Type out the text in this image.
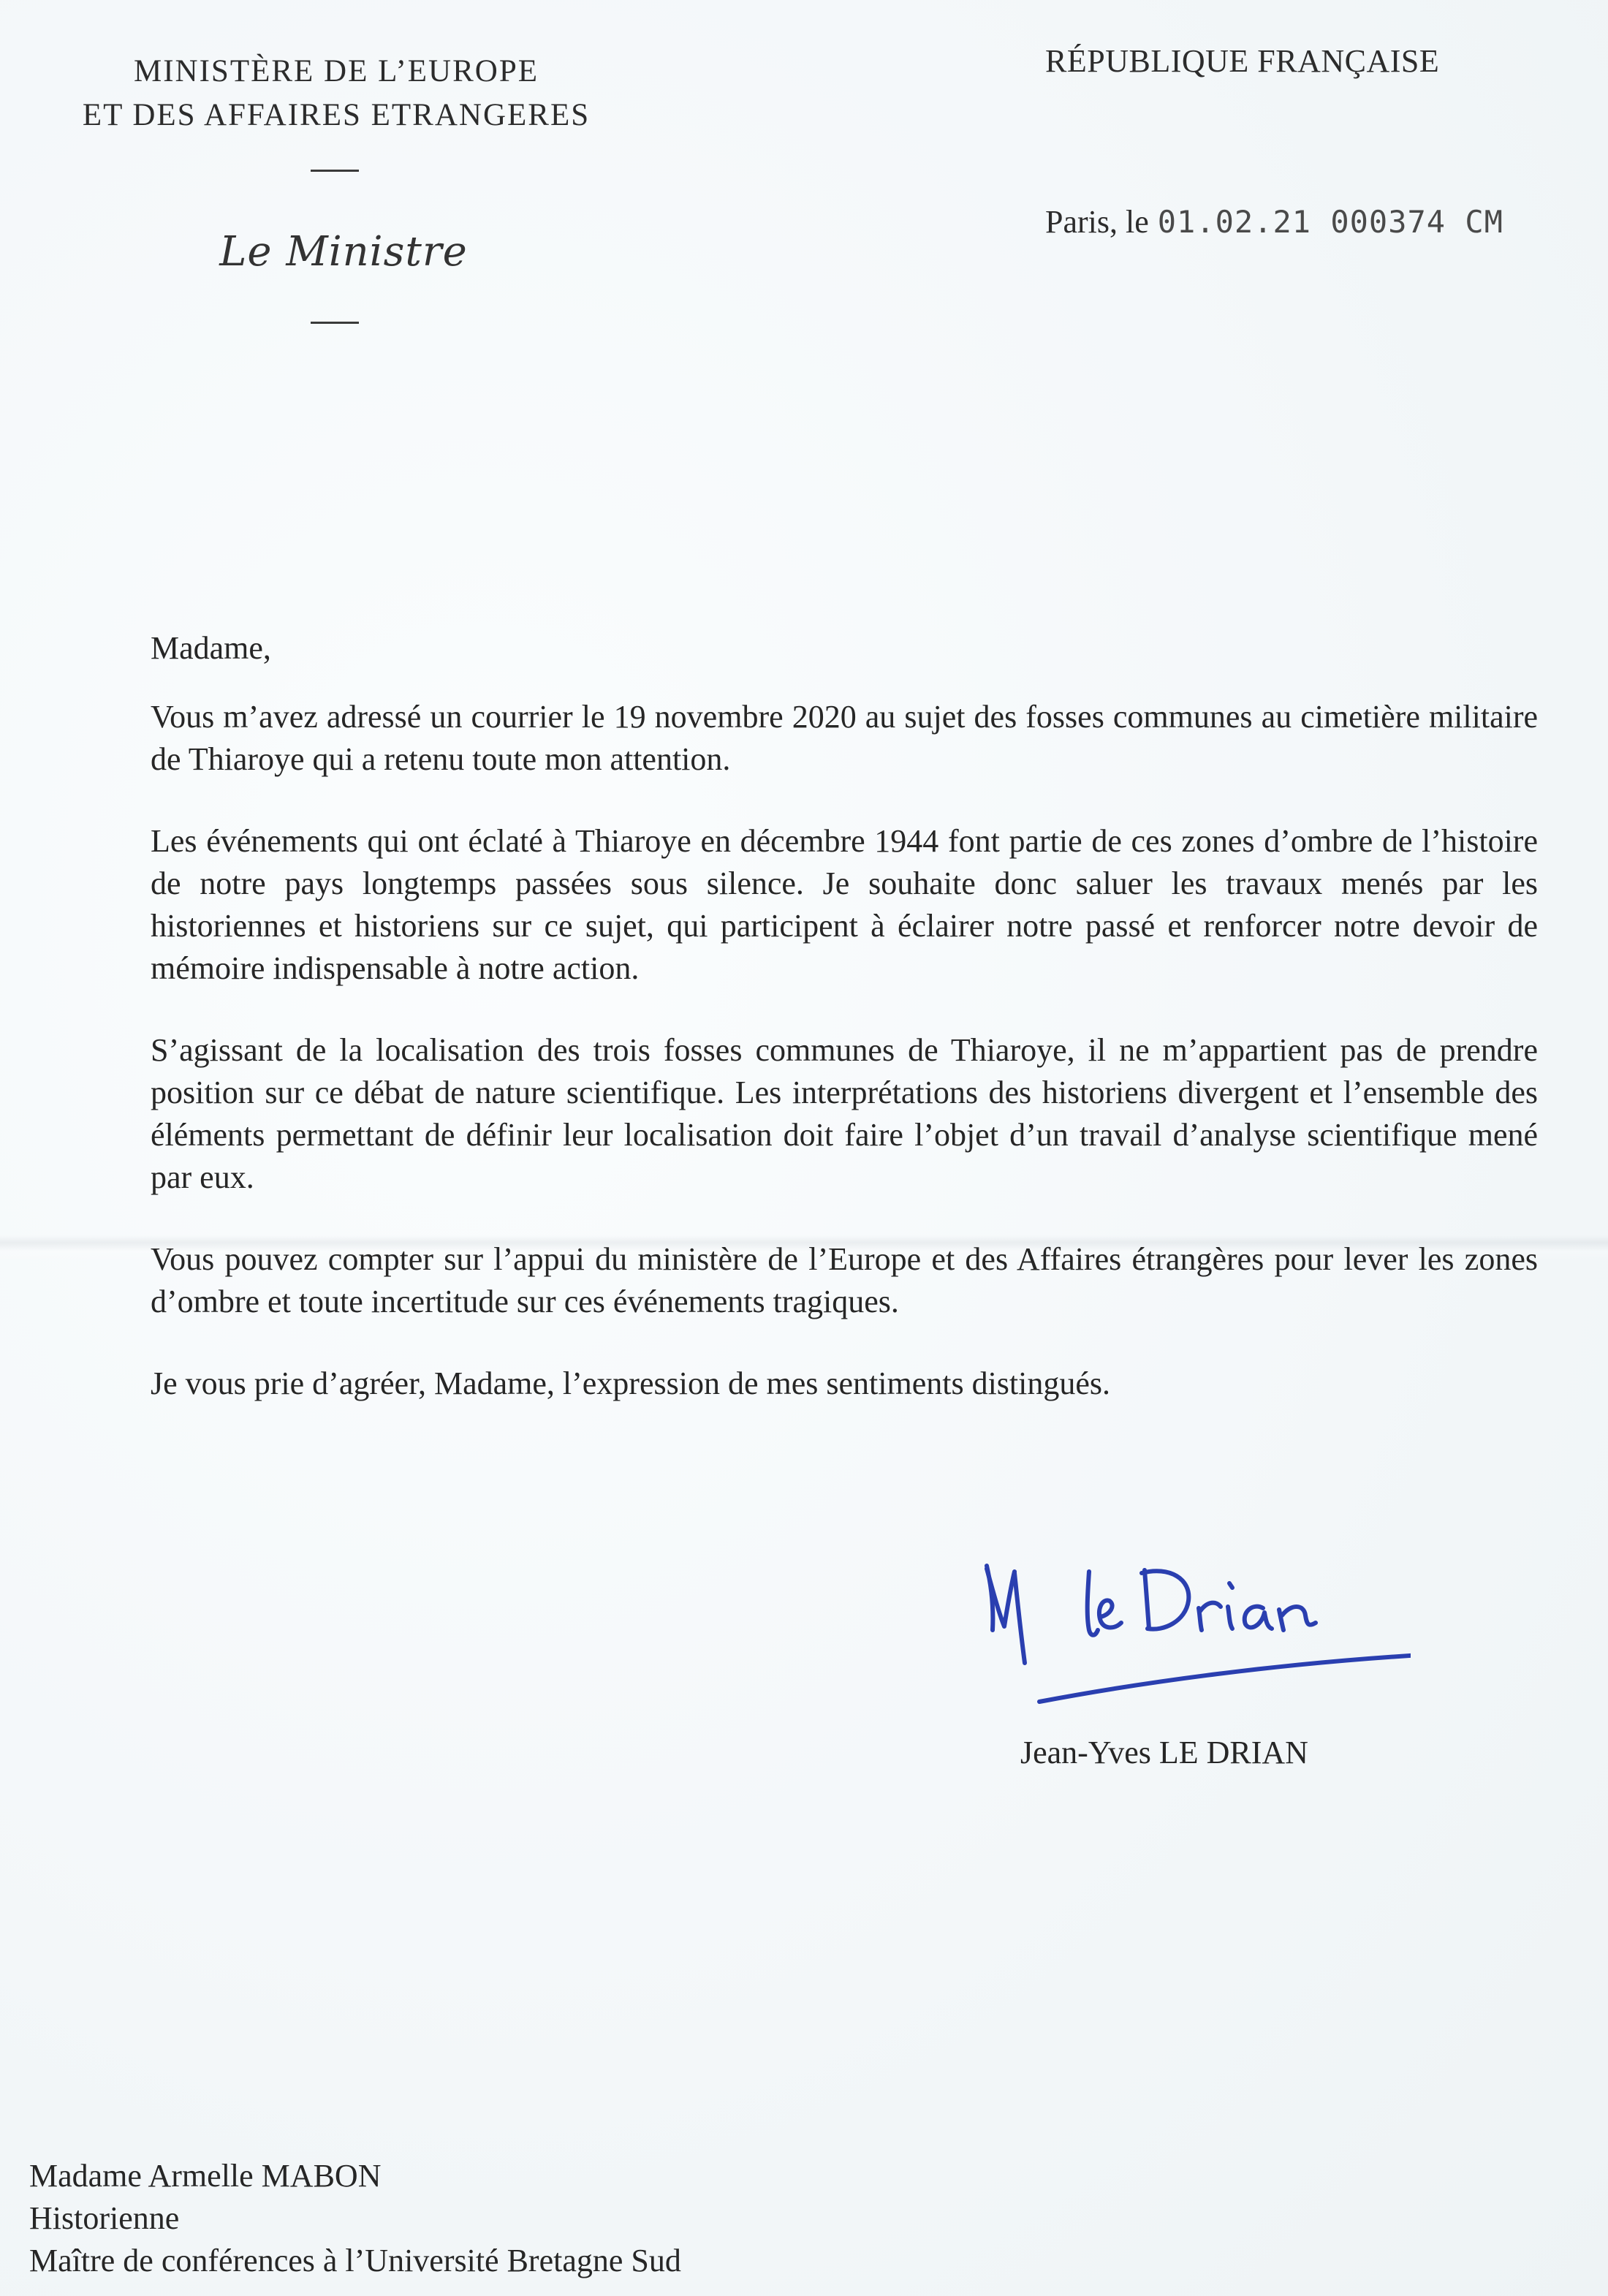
MINISTÈRE DE L’EUROPE
ET DES AFFAIRES ETRANGERES
Le Ministre
RÉPUBLIQUE FRANÇAISE
Paris, le 01.02.21 000374 CM

Madame,

Vous m’avez adressé un courrier le 19 novembre 2020 au sujet des fosses communes au cimetière militaire de Thiaroye qui a retenu toute mon attention.

Les événements qui ont éclaté à Thiaroye en décembre 1944 font partie de ces zones d’ombre de l’histoire de notre pays longtemps passées sous silence. Je souhaite donc saluer les travaux menés par les historiennes et historiens sur ce sujet, qui participent à éclairer notre passé et renforcer notre devoir de mémoire indispensable à notre action.

S’agissant de la localisation des trois fosses communes de Thiaroye, il ne m’appartient pas de prendre position sur ce débat de nature scientifique. Les interprétations des historiens divergent et l’ensemble des éléments permettant de définir leur localisation doit faire l’objet d’un travail d’analyse scientifique mené par eux.

Vous pouvez compter sur l’appui du ministère de l’Europe et des Affaires étrangères pour lever les zones d’ombre et toute incertitude sur ces événements tragiques.

Je vous prie d’agréer, Madame, l’expression de mes sentiments distingués.

Jean-Yves LE DRIAN
Madame Armelle MABON
Historienne
Maître de conférences à l’Université Bretagne Sud
